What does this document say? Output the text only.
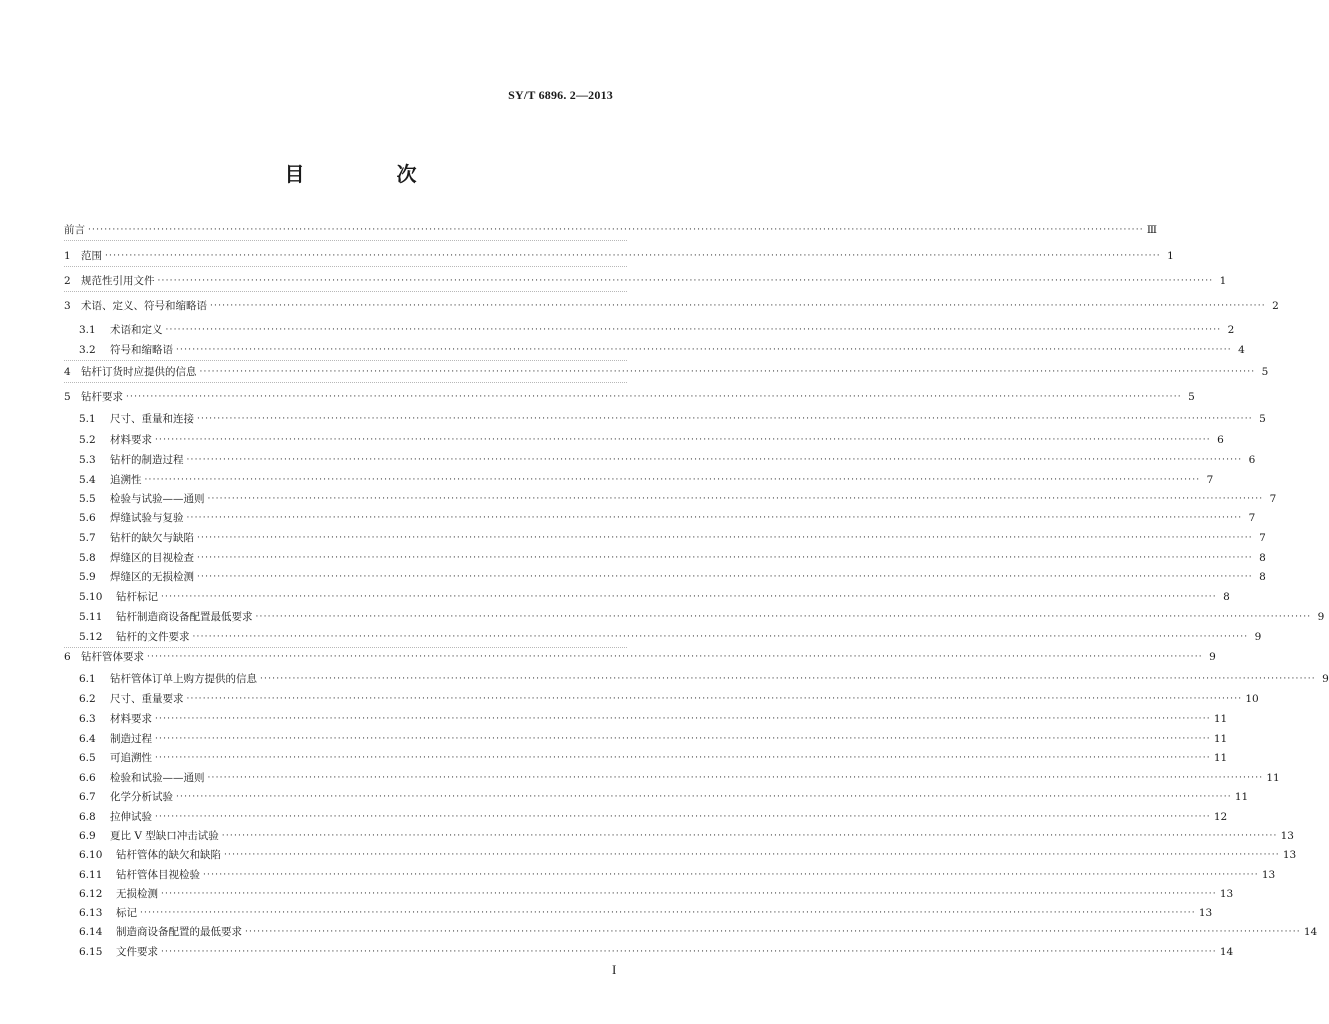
SY/T 6896. 2—2013
目　次
前言 ···································································································································································································································································· Ⅲ
1 范围 ···································································································································································································································································· 1
2 规范性引用文件 ···································································································································································································································································· 1
3 术语、定义、符号和缩略语 ···································································································································································································································································· 2
3.1	术语和定义 ···································································································································································································································································· 2
3.2	符号和缩略语 ···································································································································································································································································· 4
4 钻杆订货时应提供的信息 ···································································································································································································································································· 5
5 钻杆要求 ···································································································································································································································································· 5
5.1	尺寸、重量和连接 ···································································································································································································································································· 5
5.2	材料要求 ···································································································································································································································································· 6
5.3	钻杆的制造过程 ···································································································································································································································································· 6
5.4	追溯性 ···································································································································································································································································· 7
5.5	检验与试验——通则 ···································································································································································································································································· 7
5.6	焊缝试验与复验 ···································································································································································································································································· 7
5.7	钻杆的缺欠与缺陷 ···································································································································································································································································· 7
5.8	焊缝区的目视检查 ···································································································································································································································································· 8
5.9	焊缝区的无损检测 ···································································································································································································································································· 8
5.10	钻杆标记 ···································································································································································································································································· 8
5.11	钻杆制造商设备配置最低要求 ···································································································································································································································································· 9
5.12	钻杆的文件要求 ···································································································································································································································································· 9
6 钻杆管体要求 ···································································································································································································································································· 9
6.1	钻杆管体订单上购方提供的信息 ···································································································································································································································································· 9
6.2	尺寸、重量要求 ···································································································································································································································································· 10
6.3	材料要求 ···································································································································································································································································· 11
6.4	制造过程 ···································································································································································································································································· 11
6.5	可追溯性 ···································································································································································································································································· 11
6.6	检验和试验——通则 ···································································································································································································································································· 11
6.7	化学分析试验 ···································································································································································································································································· 11
6.8	拉伸试验 ···································································································································································································································································· 12
6.9	夏比 V 型缺口冲击试验 ···································································································································································································································································· 13
6.10	钻杆管体的缺欠和缺陷 ···································································································································································································································································· 13
6.11	钻杆管体目视检验 ···································································································································································································································································· 13
6.12	无损检测 ···································································································································································································································································· 13
6.13	标记 ···································································································································································································································································· 13
6.14	制造商设备配置的最低要求 ···································································································································································································································································· 14
6.15	文件要求 ···································································································································································································································································· 14
I
